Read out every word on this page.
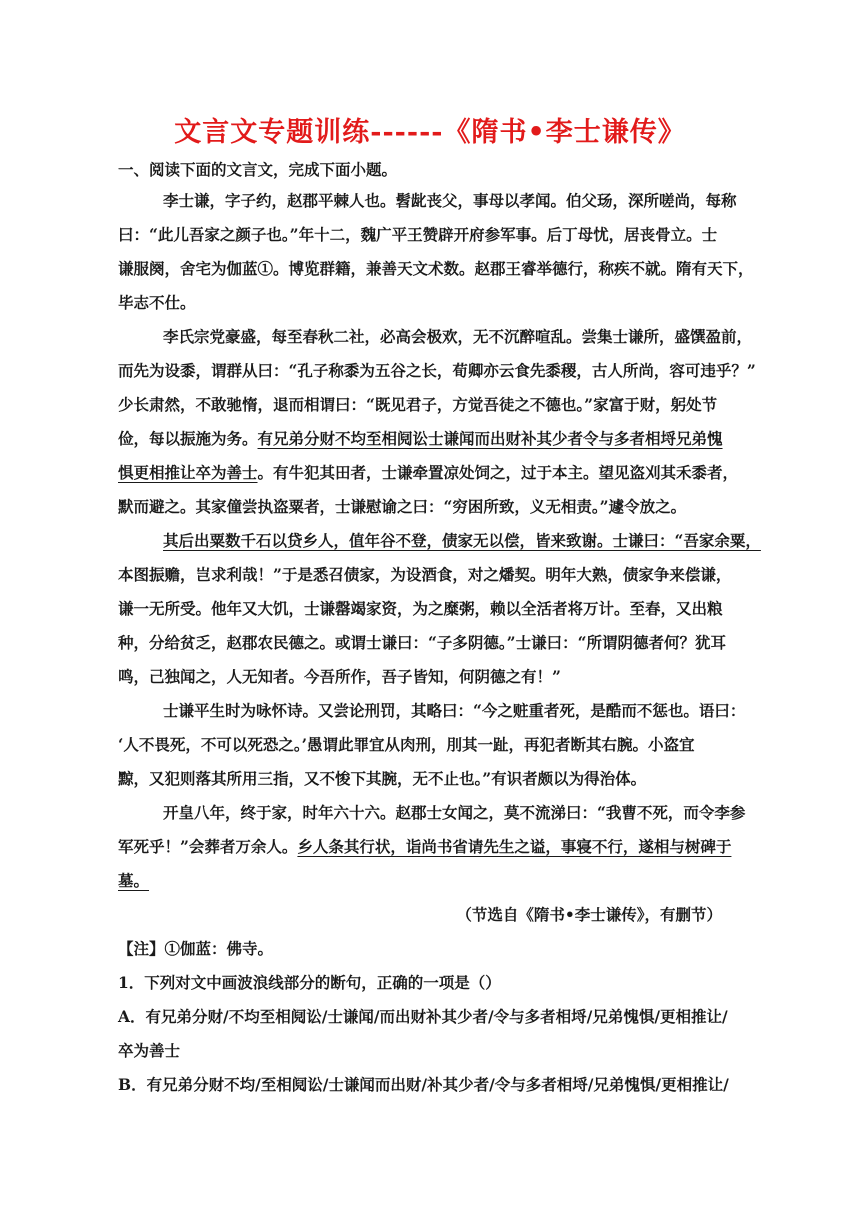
文言文专题训练------《隋书•李士谦传》
一、阅读下面的文言文，完成下面小题。
李士谦，字子约，赵郡平棘人也。髫龀丧父，事母以孝闻。伯父玚，深所嗟尚，每称
曰：“此儿吾家之颜子也。”年十二，魏广平王赞辟开府参军事。后丁母忧，居丧骨立。士
谦服阕，舍宅为伽蓝①。博览群籍，兼善天文术数。赵郡王睿举德行，称疾不就。隋有天下，
毕志不仕。
李氏宗党豪盛，每至春秋二社，必高会极欢，无不沉醉喧乱。尝集士谦所，盛馔盈前，
而先为设黍，谓群从曰：“孔子称黍为五谷之长，荀卿亦云食先黍稷，古人所尚，容可违乎？”
少长肃然，不敢驰惰，退而相谓曰：“既见君子，方觉吾徒之不德也。”家富于财，躬处节
俭，每以振施为务。有兄弟分财不均至相阋讼士谦闻而出财补其少者令与多者相埒兄弟愧
惧更相推让卒为善士。有牛犯其田者，士谦牵置凉处饲之，过于本主。望见盗刈其禾黍者，
默而避之。其家僮尝执盗粟者，士谦慰谕之曰：“穷困所致，义无相责。”遽令放之。
其后出粟数千石以贷乡人，值年谷不登，债家无以偿，皆来致谢。士谦曰：“吾家余粟，
本图振赡，岂求利哉！”于是悉召债家，为设酒食，对之燔契。明年大熟，债家争来偿谦，
谦一无所受。他年又大饥，士谦罄竭家资，为之糜粥，赖以全活者将万计。至春，又出粮
种，分给贫乏，赵郡农民德之。或谓士谦曰：“子多阴德。”士谦曰：“所谓阴德者何？犹耳
鸣，己独闻之，人无知者。今吾所作，吾子皆知，何阴德之有！”
士谦平生时为咏怀诗。又尝论刑罚，其略曰：“今之赃重者死，是酷而不惩也。语曰：
‘人不畏死，不可以死恐之。’愚谓此罪宜从肉刑，刖其一趾，再犯者断其右腕。小盗宜
黥，又犯则落其所用三指，又不悛下其腕，无不止也。”有识者颇以为得治体。
开皇八年，终于家，时年六十六。赵郡士女闻之，莫不流涕曰：“我曹不死，而令李参
军死乎！”会葬者万余人。乡人条其行状，诣尚书省请先生之谥，事寝不行，遂相与树碑于
墓。
（节选自《隋书•李士谦传》，有删节）
【注】①伽蓝：佛寺。
1．下列对文中画波浪线部分的断句，正确的一项是（）
A．有兄弟分财/不均至相阋讼/士谦闻/而出财补其少者/令与多者相埒/兄弟愧惧/更相推让/
卒为善士
B．有兄弟分财不均/至相阋讼/士谦闻而出财/补其少者/令与多者相埒/兄弟愧惧/更相推让/
